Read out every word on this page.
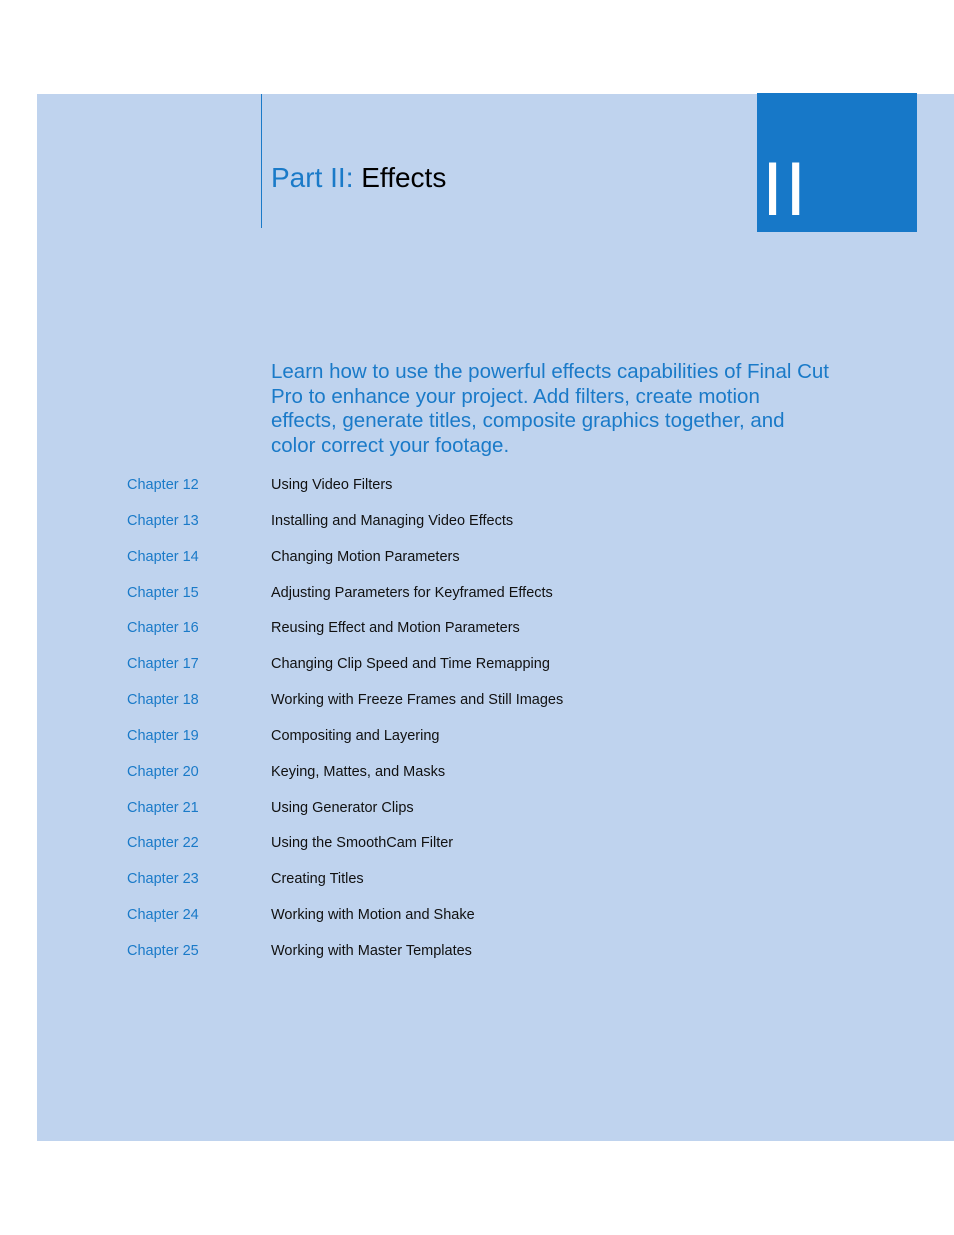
Part II: Effects	II

Learn how to use the powerful effects capabilities of Final Cut Pro to enhance your project. Add filters, create motion effects, generate titles, composite graphics together, and color correct your footage.

Chapter 12	Using Video Filters
Chapter 13	Installing and Managing Video Effects
Chapter 14	Changing Motion Parameters
Chapter 15	Adjusting Parameters for Keyframed Effects
Chapter 16	Reusing Effect and Motion Parameters
Chapter 17	Changing Clip Speed and Time Remapping
Chapter 18	Working with Freeze Frames and Still Images
Chapter 19	Compositing and Layering
Chapter 20	Keying, Mattes, and Masks
Chapter 21	Using Generator Clips
Chapter 22	Using the SmoothCam Filter
Chapter 23	Creating Titles
Chapter 24	Working with Motion and Shake
Chapter 25	Working with Master Templates
